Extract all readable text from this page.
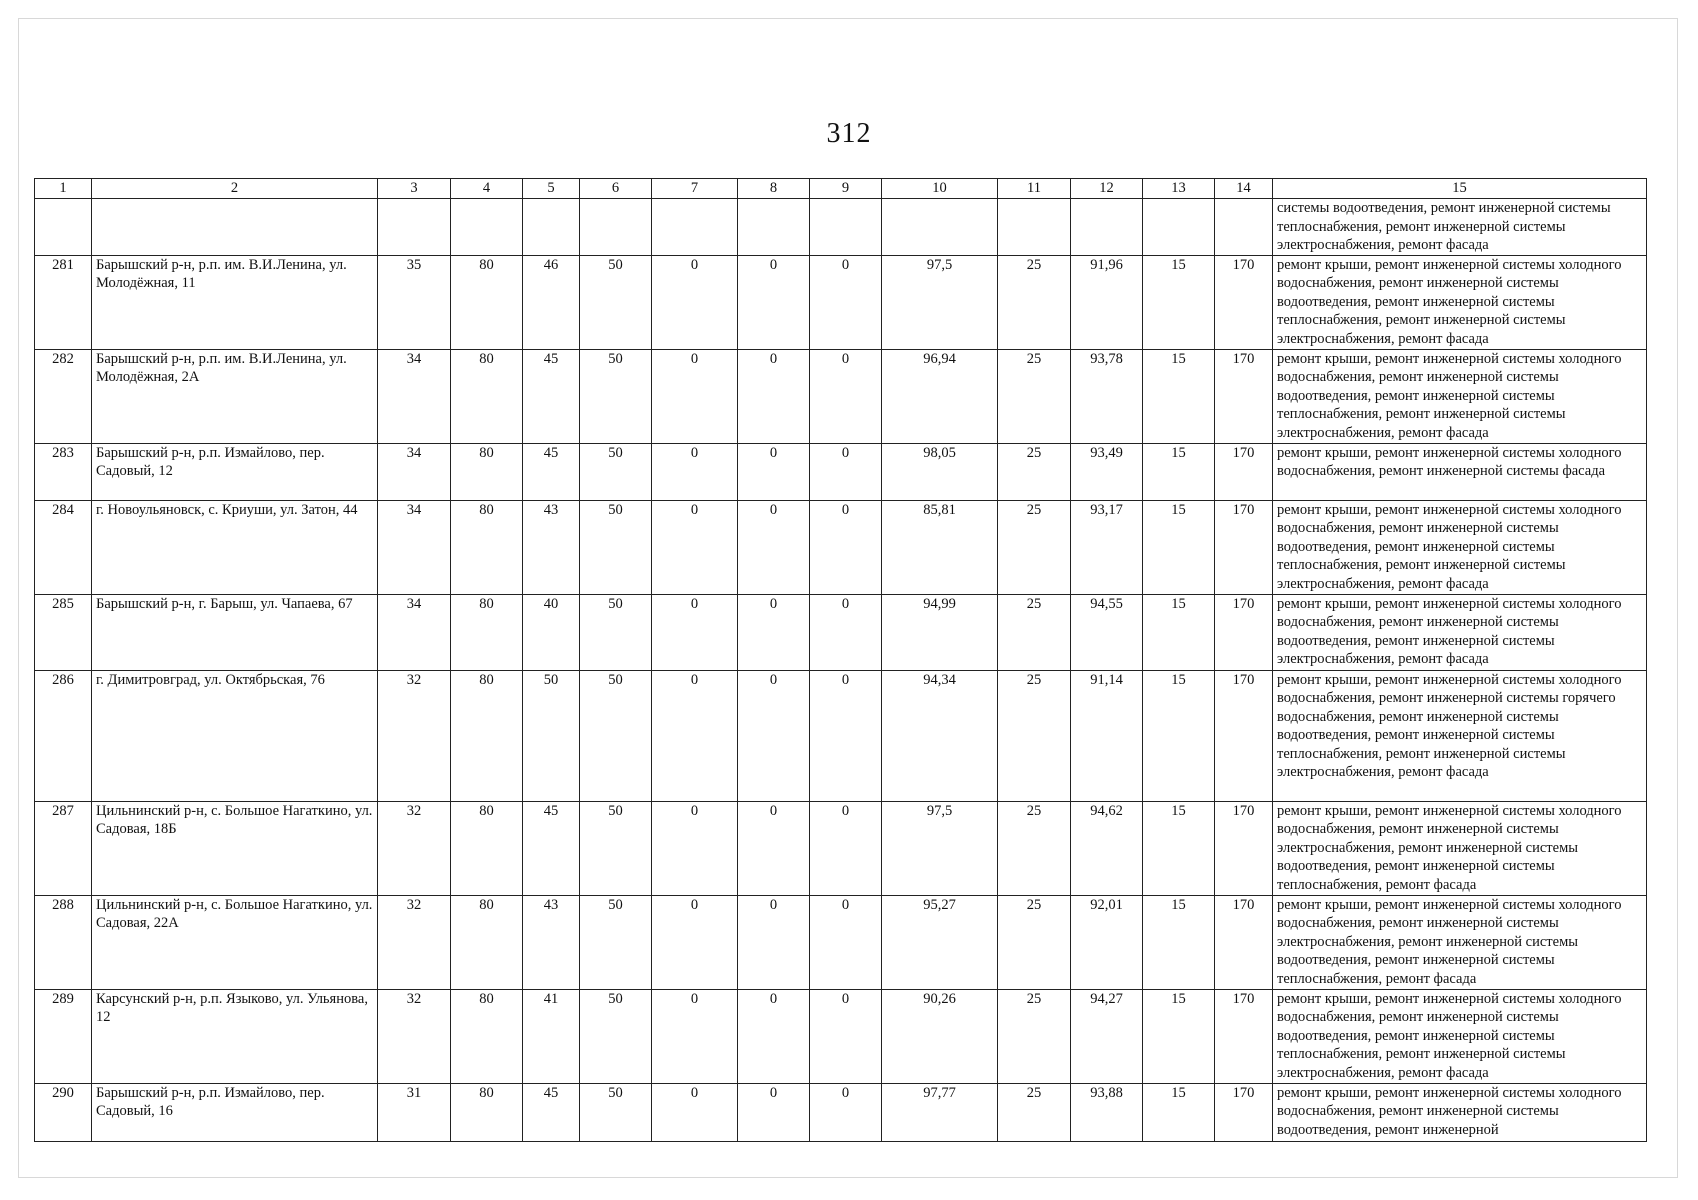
312
1	2	3	4	5	6	7	8	9	10	11	12	13	14	15
														системы водоотведения, ремонт инженерной системы теплоснабжения, ремонт инженерной системы электроснабжения, ремонт фасада
281	Барышский р-н, р.п. им. В.И.Ленина, ул. Молодёжная, 11	35	80	46	50	0	0	0	97,5	25	91,96	15	170	ремонт крыши, ремонт инженерной системы холодного водоснабжения, ремонт инженерной системы водоотведения, ремонт инженерной системы теплоснабжения, ремонт инженерной системы электроснабжения, ремонт фасада
282	Барышский р-н, р.п. им. В.И.Ленина, ул. Молодёжная, 2А	34	80	45	50	0	0	0	96,94	25	93,78	15	170	ремонт крыши, ремонт инженерной системы холодного водоснабжения, ремонт инженерной системы водоотведения, ремонт инженерной системы теплоснабжения, ремонт инженерной системы электроснабжения, ремонт фасада
283	Барышский р-н, р.п. Измайлово, пер. Садовый, 12	34	80	45	50	0	0	0	98,05	25	93,49	15	170	ремонт крыши, ремонт инженерной системы холодного водоснабжения, ремонт инженерной системы фасада
284	г. Новоульяновск, с. Криуши, ул. Затон, 44	34	80	43	50	0	0	0	85,81	25	93,17	15	170	ремонт крыши, ремонт инженерной системы холодного водоснабжения, ремонт инженерной системы водоотведения, ремонт инженерной системы теплоснабжения, ремонт инженерной системы электроснабжения, ремонт фасада
285	Барышский р-н, г. Барыш, ул. Чапаева, 67	34	80	40	50	0	0	0	94,99	25	94,55	15	170	ремонт крыши, ремонт инженерной системы холодного водоснабжения, ремонт инженерной системы водоотведения, ремонт инженерной системы электроснабжения, ремонт фасада
286	г. Димитровград, ул. Октябрьская, 76	32	80	50	50	0	0	0	94,34	25	91,14	15	170	ремонт крыши, ремонт инженерной системы холодного водоснабжения, ремонт инженерной системы горячего водоснабжения, ремонт инженерной системы водоотведения, ремонт инженерной системы теплоснабжения, ремонт инженерной системы электроснабжения, ремонт фасада
287	Цильнинский р-н, с. Большое Нагаткино, ул. Садовая, 18Б	32	80	45	50	0	0	0	97,5	25	94,62	15	170	ремонт крыши, ремонт инженерной системы холодного водоснабжения, ремонт инженерной системы электроснабжения, ремонт инженерной системы водоотведения, ремонт инженерной системы теплоснабжения, ремонт фасада
288	Цильнинский р-н, с. Большое Нагаткино, ул. Садовая, 22А	32	80	43	50	0	0	0	95,27	25	92,01	15	170	ремонт крыши, ремонт инженерной системы холодного водоснабжения, ремонт инженерной системы электроснабжения, ремонт инженерной системы водоотведения, ремонт инженерной системы теплоснабжения, ремонт фасада
289	Карсунский р-н, р.п. Языково, ул. Ульянова, 12	32	80	41	50	0	0	0	90,26	25	94,27	15	170	ремонт крыши, ремонт инженерной системы холодного водоснабжения, ремонт инженерной системы водоотведения, ремонт инженерной системы теплоснабжения, ремонт инженерной системы электроснабжения, ремонт фасада
290	Барышский р-н, р.п. Измайлово, пер. Садовый, 16	31	80	45	50	0	0	0	97,77	25	93,88	15	170	ремонт крыши, ремонт инженерной системы холодного водоснабжения, ремонт инженерной системы водоотведения, ремонт инженерной
